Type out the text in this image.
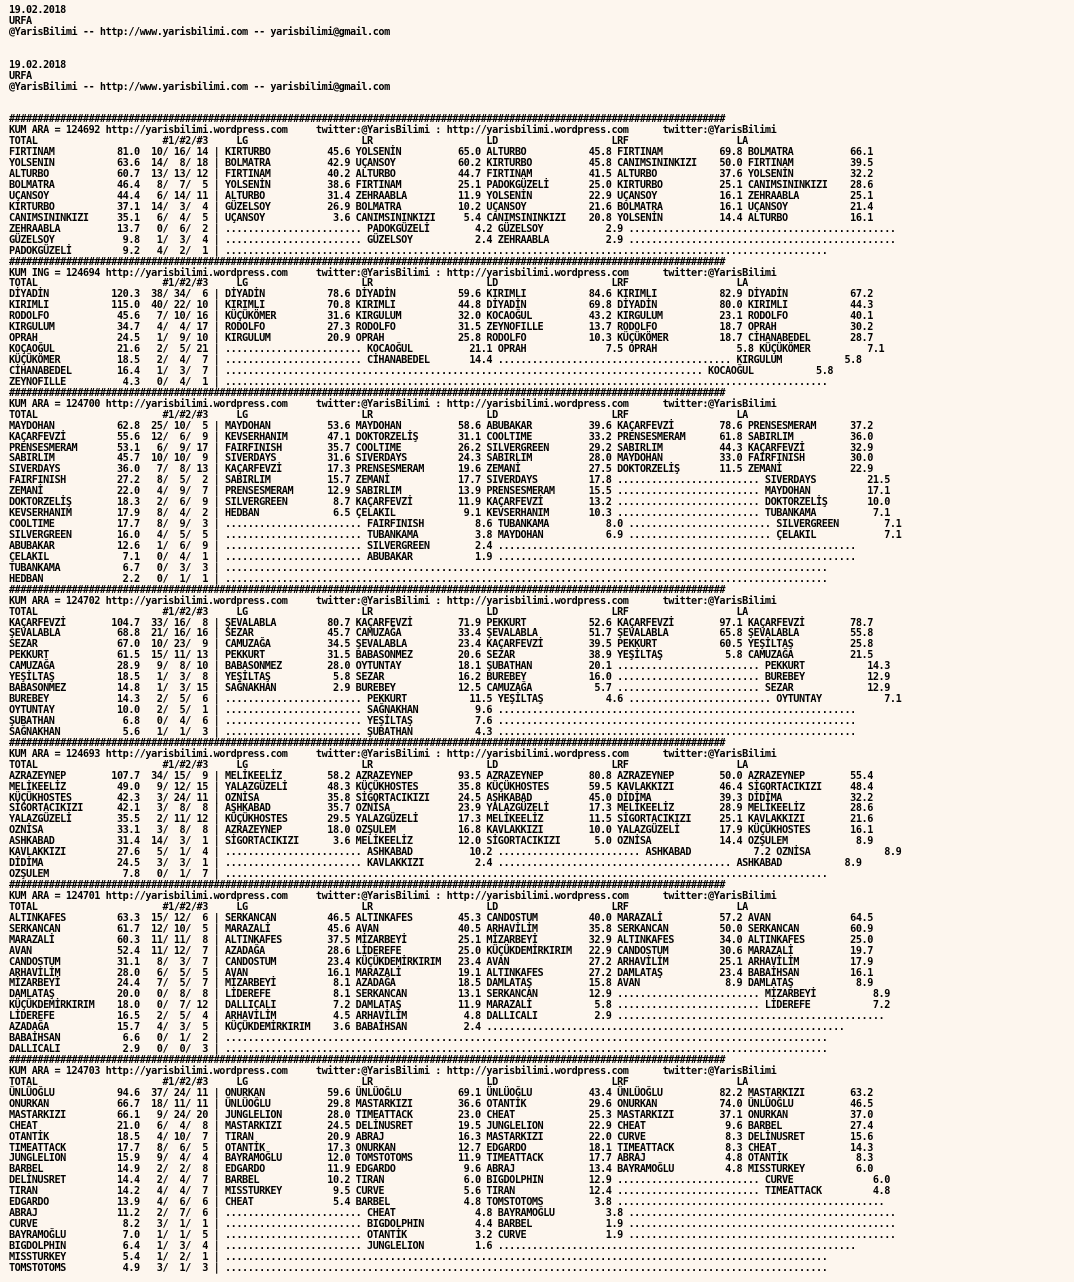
19.02.2018
URFA
@YarisBilimi -- http://www.yarisbilimi.com -- yarisbilimi@gmail.com

19.02.2018
URFA
@YarisBilimi -- http://www.yarisbilimi.com -- yarisbilimi@gmail.com

##############################################################################################################################
KUM ARA = 124692 http://yarisbilimi.wordpress.com     twitter:@YarisBilimi : http://yarisbilimi.wordpress.com      twitter:@YarisBilimi
TOTAL                      #1/#2/#3     LG                    LR                    LD                    LRF                   LA
FIRTINAM           81.0  10/ 16/ 14 | KIRTURBO          45.6 YOLSENİN          65.0 ALTURBO           45.8 FIRTINAM          69.8 BOLMATRA          66.1
YOLSENIN           63.6  14/  8/ 18 | BOLMATRA          42.9 UÇANSOY           60.2 KIRTURBO          45.8 CANIMSININKIZI    50.0 FIRTINAM          39.5
ALTURBO            60.7  13/ 13/ 12 | FIRTINAM          40.2 ALTURBO           44.7 FIRTINAM          41.5 ALTURBO           37.6 YOLSENİN          32.2
BOLMATRA           46.4   8/  7/  5 | YOLSENİN          38.6 FIRTINAM          25.1 PADOKGÜZELİ       25.0 KIRTURBO          25.1 CANIMSININKIZI    28.6
UÇANSOY            44.4   6/ 14/ 11 | ALTURBO           31.4 ZEHRAABLA         11.9 YOLSENİN          22.9 UÇANSOY           16.1 ZEHRAABLA         25.1
KIRTURBO           37.1  14/  3/  4 | GÜZELSOY          26.9 BOLMATRA          10.2 UÇANSOY           21.6 BOLMATRA          16.1 UÇANSOY           21.4
CANIMSININKIZI     35.1   6/  4/  5 | UÇANSOY            3.6 CANIMSININKIZI     5.4 CANIMSININKIZI    20.8 YOLSENİN          14.4 ALTURBO           16.1
ZEHRAABLA          13.7   0/  6/  2 | ........................ PADOKGÜZELİ        4.2 GÜZELSOY           2.9 ...............................................
GÜZELSOY            9.8   1/  3/  4 | ........................ GÜZELSOY           2.4 ZEHRAABLA          2.9 ...............................................
PADOKGÜZELİ         9.2   4/  2/  1 | ..........................................................................................................
##############################################################################################################################
KUM ING = 124694 http://yarisbilimi.wordpress.com     twitter:@YarisBilimi : http://yarisbilimi.wordpress.com      twitter:@YarisBilimi
TOTAL                      #1/#2/#3     LG                    LR                    LD                    LRF                   LA
DİYADİN           120.3  38/ 34/  6 | DİYADİN           78.6 DİYADİN           59.6 KIRIMLI           84.6 KIRIMLI           82.9 DİYADİN           67.2
KIRIMLI           115.0  40/ 22/ 10 | KIRIMLI           70.8 KIRIMLI           44.8 DİYADİN           69.8 DİYADİN           80.0 KIRIMLI           44.3
RODOLFO            45.6   7/ 10/ 16 | KÜÇÜKÖMER         31.6 KIRGULUM          32.0 KOCAOĞUL          43.2 KIRGULUM          23.1 RODOLFO           40.1
KIRGULUM           34.7   4/  4/ 17 | RODOLFO           27.3 RODOLFO           31.5 ZEYNOFILLE        13.7 RODOLFO           18.7 OPRAH             30.2
OPRAH              24.5   1/  9/ 10 | KIRGULUM          20.9 OPRAH             25.8 RODOLFO           10.3 KÜÇÜKÖMER         18.7 CİHANABEDEL       28.7
KOÇAOĞUL           21.6   2/  5/ 21 | ........................ KOCAOĞUL          21.1 OPRAH              7.5 OPRAH              5.8 KÜÇÜKÖMER          7.1
KÜÇÜKÖMER          18.5   2/  4/  7 | ........................ CİHANABEDEL       14.4 ......................................... KIRGULUM           5.8
CİHANABEDEL        16.4   1/  3/  7 | .................................................................................... KOCAOĞUL           5.8
ZEYNOFILLE          4.3   0/  4/  1 | ..........................................................................................................
##############################################################################################################################
KUM ARA = 124700 http://yarisbilimi.wordpress.com     twitter:@YarisBilimi : http://yarisbilimi.wordpress.com      twitter:@YarisBilimi
TOTAL                      #1/#2/#3     LG                    LR                    LD                    LRF                   LA
MAYDOHAN           62.8  25/ 10/  5 | MAYDOHAN          53.6 MAYDOHAN          58.6 ABUBAKAR          39.6 KAÇARFEVZİ        78.6 PRENSESMERAM      37.2
KAÇARFEVZİ         55.6  12/  6/  9 | KEVSERHANIM       47.1 DOKTORZELİŞ       31.1 COOLTIME          33.2 PRENSESMERAM      61.8 SABIRLIM          36.0
PRENSESMERAM       53.1   6/  9/ 17 | FAIRFINISH        35.7 COOLTIME          26.2 SILVERGREEN       29.2 SABIRLIM          44.3 KAÇARFEVZİ        32.9
SABIRLIM           45.7  10/ 10/  9 | SIVERDAYS         31.6 SIVERDAYS         24.3 SABIRLIM          28.0 MAYDOHAN          33.0 FAIRFINISH        30.0
SIVERDAYS          36.0   7/  8/ 13 | KAÇARFEVZİ        17.3 PRENSESMERAM      19.6 ZEMANİ            27.5 DOKTORZELİŞ       11.5 ZEMANİ            22.9
FAIRFINISH         27.2   8/  5/  2 | SABIRLIM          15.7 ZEMANİ            17.7 SIVERDAYS         17.8 ......................... SIVERDAYS         21.5
ZEMANİ             22.0   4/  9/  7 | PRENSESMERAM      12.9 SABIRLIM          13.9 PRENSESMERAM      15.5 ......................... MAYDOHAN          17.1
DOKTORZELİŞ        18.3   2/  6/  9 | SILVERGREEN        8.7 KAÇARFEVZİ        11.9 KAÇARFEVZİ        13.2 ......................... DOKTORZELİŞ       10.0
KEVSERHANIM        17.9   8/  4/  2 | HEDBAN             6.5 ÇELAKIL            9.1 KEVSERHANIM       10.3 ......................... TUBANKAMA          7.1
COOLTIME           17.7   8/  9/  3 | ........................ FAIRFINISH         8.6 TUBANKAMA          8.0 ......................... SILVERGREEN        7.1
SILVERGREEN        16.0   4/  5/  5 | ........................ TUBANKAMA          3.8 MAYDOHAN           6.9 ......................... ÇELAKIL            7.1
ABUBAKAR           12.6   1/  6/  9 | ........................ SILVERGREEN        2.4 ...............................................................
ÇELAKIL             7.1   0/  4/  1 | ........................ ABUBAKAR           1.9 ...............................................................
TUBANKAMA           6.7   0/  3/  3 | ..........................................................................................................
HEDBAN              2.2   0/  1/  1 | ..........................................................................................................
##############################################################################################################################
KUM ARA = 124702 http://yarisbilimi.wordpress.com     twitter:@YarisBilimi : http://yarisbilimi.wordpress.com      twitter:@YarisBilimi
TOTAL                      #1/#2/#3     LG                    LR                    LD                    LRF                   LA
KAÇARFEVZİ        104.7  33/ 16/  8 | ŞEVALABLA         80.7 KAÇARFEVZİ        71.9 PEKKURT           52.6 KAÇARFEVZİ        97.1 KAÇARFEVZİ        78.7
ŞEVALABLA          68.8  21/ 16/ 16 | SEZAR             45.7 CAMUZAĞA          33.4 ŞEVALABLA         51.7 ŞEVALABLA         65.8 ŞEVALABLA         55.8
SEZAR              67.0  10/ 23/  9 | CAMUZAĞA          34.5 ŞEVALABLA         23.4 KAÇARFEVZİ        39.5 PEKKURT           60.5 YEŞİLTAŞ          25.8
PEKKURT            61.5  15/ 11/ 13 | PEKKURT           31.5 BABASONMEZ        20.6 SEZAR             38.9 YEŞİLTAŞ           5.8 CAMUZAĞA          21.5
CAMUZAĞA           28.9   9/  8/ 10 | BABASONMEZ        28.0 OYTUNTAY          18.1 ŞUBATHAN          20.1 ......................... PEKKURT           14.3
YEŞİLTAŞ           18.5   1/  3/  8 | YEŞİLTAŞ           5.8 SEZAR             16.2 BUREBEY           16.0 ......................... BUREBEY           12.9
BABASONMEZ         14.8   1/  3/ 15 | SAĞNAKHAN          2.9 BUREBEY           12.5 CAMUZAĞA           5.7 ......................... SEZAR             12.9
BUREBEY            14.3   2/  5/  6 | ........................ PEKKURT           11.5 YEŞİLTAŞ           4.6 ......................... OYTUNTAY           7.1
OYTUNTAY           10.0   2/  5/  1 | ........................ SAĞNAKHAN          9.6 ...............................................................
ŞUBATHAN            6.8   0/  4/  6 | ........................ YEŞİLTAŞ           7.6 ...............................................................
SAĞNAKHAN           5.6   1/  1/  3 | ........................ ŞUBATHAN           4.3 ...............................................................
##############################################################################################################################
KUM ARA = 124693 http://yarisbilimi.wordpress.com     twitter:@YarisBilimi : http://yarisbilimi.wordpress.com      twitter:@YarisBilimi
TOTAL                      #1/#2/#3     LG                    LR                    LD                    LRF                   LA
AZRAZEYNEP        107.7  34/ 15/  9 | MELİKEELİZ        58.2 AZRAZEYNEP        93.5 AZRAZEYNEP        80.8 AZRAZEYNEP        50.0 AZRAZEYNEP        55.4
MELİKEELİZ         49.0   9/ 12/ 15 | YALAZGÜZELİ       48.3 KÜÇÜKHOSTES       35.8 KÜÇÜKHOSTES       59.5 KAVLAKKIZI        46.4 SİGORTACIKIZI     48.4
KÜÇÜKHOSTES        42.3   3/ 24/ 11 | OZNİSA            35.8 SİGORTACIKIZI     24.5 AŞHKABAD          45.0 DİDİMA            39.3 DİDİMA            32.2
SİGORTACIKIZI      42.1   3/  8/  8 | AŞHKABAD          35.7 OZNİSA            23.9 YALAZGÜZELİ       17.3 MELİKEELİZ        28.9 MELİKEELİZ        28.6
YALAZGÜZELİ        35.5   2/ 11/ 12 | KÜÇÜKHOSTES       29.5 YALAZGÜZELİ       17.3 MELİKEELİZ        11.5 SİGORTACIKIZI     25.1 KAVLAKKIZI        21.6
OZNİSA             33.1   3/  8/  8 | AZRAZEYNEP        18.0 OZŞULEM           16.8 KAVLAKKIZI        10.0 YALAZGÜZELİ       17.9 KÜÇÜKHOSTES       16.1
ASHKABAD           31.4  14/  3/  1 | SİGORTACIKIZI      3.6 MELİKEELİZ        12.0 SİGORTACIKIZI      5.0 OZNİSA            14.4 OZŞULEM            8.9
KAVLAKKIZI         27.6   5/  1/  4 | ........................ ASHKABAD          10.2 ......................... ASHKABAD           7.2 OZNİSA             8.9
DİDİMA             24.5   3/  3/  1 | ........................ KAVLAKKIZI         2.4 ......................................... ASHKABAD           8.9
OZŞULEM             7.8   0/  1/  7 | ..........................................................................................................
##############################################################################################################################
KUM ARA = 124701 http://yarisbilimi.wordpress.com     twitter:@YarisBilimi : http://yarisbilimi.wordpress.com      twitter:@YarisBilimi
TOTAL                      #1/#2/#3     LG                    LR                    LD                    LRF                   LA
ALTINKAFES         63.3  15/ 12/  6 | SERKANCAN         46.5 ALTINKAFES        45.3 CANDOSTUM         40.0 MARAZALİ          57.2 AVAN              64.5
SERKANCAN          61.7  12/ 10/  5 | MARAZALİ          45.6 AVAN              40.5 ARHAVİLİM         35.8 SERKANCAN         50.0 SERKANCAN         60.9
MARAZALİ           60.3  11/ 11/  8 | ALTINKAFES        37.5 MİZARBEYİ         25.1 MİZARBEYİ         32.9 ALTINKAFES        34.0 ALTINKAFES        25.0
AVAN               52.4  11/ 12/  7 | AZADAĞA           28.6 LİDEREFE          25.0 KÜÇÜKDEMİRKIRIM   22.9 CANDOSTUM         30.6 MARAZALİ          19.7
CANDOSTUM          31.1   8/  3/  7 | CANDOSTUM         23.4 KÜÇÜKDEMİRKIRIM   23.4 AVAN              27.2 ARHAVİLİM         25.1 ARHAVİLİM         17.9
ARHAVİLİM          28.0   6/  5/  5 | AVAN              16.1 MARAZALİ          19.1 ALTINKAFES        27.2 DAMLATAŞ          23.4 BABAİHSAN         16.1
MİZARBEYİ          24.4   7/  5/  7 | MİZARBEYİ          8.1 AZADAĞA           18.5 DAMLATAŞ          15.8 AVAN               8.9 DAMLATAŞ           8.9
DAMLATAŞ           20.0   0/  8/  8 | LİDEREFE           8.1 SERKANCAN         13.1 SERKANCAN         12.9 ......................... MİZARBEYİ          8.9
KÜÇÜKDEMİRKIRIM    18.0   0/  7/ 12 | DALLICALI          7.2 DAMLATAŞ          11.9 MARAZALİ           5.8 ......................... LİDEREFE           7.2
LİDEREFE           16.5   2/  5/  4 | ARHAVİLİM          4.5 ARHAVİLİM          4.8 DALLICALI          2.9 ...............................................
AZADAĞA            15.7   4/  3/  5 | KÜÇÜKDEMİRKIRIM    3.6 BABAİHSAN          2.4 ...............................................................
BABAİHSAN           6.6   0/  1/  2 | ..........................................................................................................
DALLICALI           2.9   0/  0/  3 | ..........................................................................................................
##############################################################################################################################
KUM ARA = 124703 http://yarisbilimi.wordpress.com     twitter:@YarisBilimi : http://yarisbilimi.wordpress.com      twitter:@YarisBilimi
TOTAL                      #1/#2/#3     LG                    LR                    LD                    LRF                   LA
ÜNLÜOĞLU           94.6  37/ 24/ 11 | ONURKAN           59.6 ÜNLÜOĞLU          69.1 ÜNLÜOĞLU          43.4 ÜNLÜOĞLU          82.2 MASTARKIZI        63.2
ONURKAN            66.7  18/ 11/ 11 | ÜNLÜOĞLU          29.8 MASTARKIZI        36.6 OTANTİK           29.6 ONURKAN           74.0 ÜNLÜOĞLU          46.5
MASTARKIZI         66.1   9/ 24/ 20 | JUNGLELION        28.0 TIMEATTACK        23.0 CHEAT             25.3 MASTARKIZI        37.1 ONURKAN           37.0
CHEAT              21.0   6/  4/  8 | MASTARKIZI        24.5 DELİNUSRET        19.5 JUNGLELION        22.9 CHEAT              9.6 BARBEL            27.4
OTANTİK            18.5   4/ 10/  7 | TIRAN             20.9 ABRAJ             16.3 MASTARKIZI        22.0 CURVE              8.3 DELİNUSRET        15.6
TIMEATTACK         17.7   8/  6/  5 | OTANTİK           17.3 ONURKAN           12.7 EDGARDO           18.1 TIMEATTACK         8.3 CHEAT             14.3
JUNGLELION         15.9   9/  4/  4 | BAYRAMOĞLU        12.0 TOMSTOTOMS        11.9 TIMEATTACK        17.7 ABRAJ              4.8 OTANTİK            8.3
BARBEL             14.9   2/  2/  8 | EDGARDO           11.9 EDGARDO            9.6 ABRAJ             13.4 BAYRAMOĞLU         4.8 MISSTURKEY         6.0
DELİNUSRET         14.4   2/  4/  7 | BARBEL            10.2 TIRAN              6.0 BIGDOLPHIN        12.9 ......................... CURVE              6.0
TIRAN              14.2   4/  4/  7 | MISSTURKEY         9.5 CURVE              5.6 TIRAN             12.4 ......................... TIMEATTACK         4.8
EDGARDO            13.9   4/  6/  6 | CHEAT              5.4 BARBEL             4.8 TOMSTOTOMS         3.8 ...............................................
ABRAJ              11.2   2/  7/  6 | ........................ CHEAT              4.8 BAYRAMOĞLU         3.8 ...............................................
CURVE               8.2   3/  1/  1 | ........................ BIGDOLPHIN         4.4 BARBEL             1.9 ...............................................
BAYRAMOĞLU          7.0   1/  1/  5 | ........................ OTANTİK            3.2 CURVE              1.9 ...............................................
BIGDOLPHIN          6.4   1/  3/  4 | ........................ JUNGLELION         1.6 ...............................................................
MISSTURKEY          5.4   1/  2/  1 | ..........................................................................................................
TOMSTOTOMS          4.9   3/  1/  3 | ..........................................................................................................
